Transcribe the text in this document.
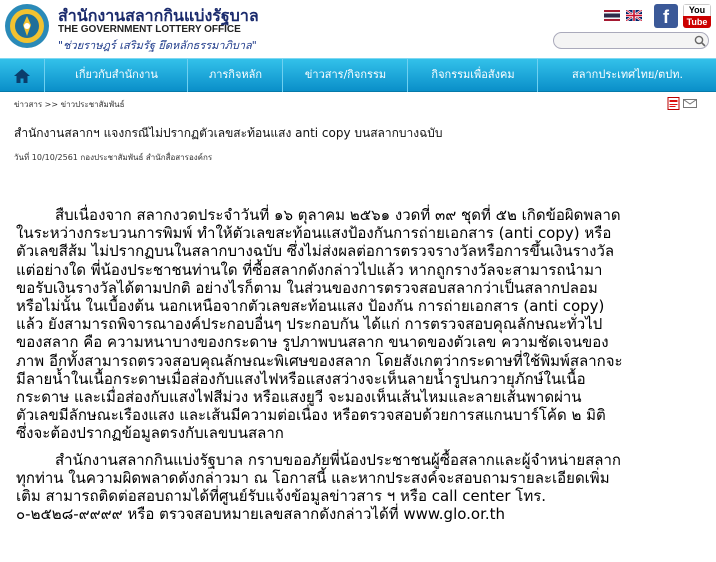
สำนักงานสลากกินแบ่งรัฐบาล
THE GOVERNMENT LOTTERY OFFICE
"ช่วยราษฎร์ เสริมรัฐ ยึดหลักธรรมาภิบาล"
f	You
Tube
เกี่ยวกับสำนักงาน	ภารกิจหลัก	ข่าวสาร/กิจกรรม	กิจกรรมเพื่อสังคม	สลากประเทศไทย/ตปท.
ข่าวสาร >> ข่าวประชาสัมพันธ์
สำนักงานสลากฯ แจงกรณีไม่ปรากฏตัวเลขสะท้อนแสง anti copy บนสลากบางฉบับ
วันที่ 10/10/2561 กองประชาสัมพันธ์ สำนักสื่อสารองค์กร

สืบเนื่องจาก สลากงวดประจำวันที่ ๑๖ ตุลาคม ๒๕๖๑ งวดที่ ๓๙ ชุดที่ ๕๒ เกิดข้อผิดพลาดในระหว่างกระบวนการพิมพ์ ทำให้ตัวเลขสะท้อนแสงป้องกันการถ่ายเอกสาร (anti copy) หรือตัวเลขสีส้ม ไม่ปรากฏบนในสลากบางฉบับ ซึ่งไม่ส่งผลต่อการตรวจรางวัลหรือการขึ้นเงินรางวัลแต่อย่างใด พี่น้องประชาชนท่านใด ที่ซื้อสลากดังกล่าวไปแล้ว หากถูกรางวัลจะสามารถนำมาขอรับเงินรางวัลได้ตามปกติ อย่างไรก็ตาม ในส่วนของการตรวจสอบสลากว่าเป็นสลากปลอมหรือไม่นั้น ในเบื้องต้น นอกเหนือจากตัวเลขสะท้อนแสง ป้องกัน การถ่ายเอกสาร (anti copy) แล้ว ยังสามารถพิจารณาองค์ประกอบอื่นๆ ประกอบกัน ได้แก่ การตรวจสอบคุณลักษณะทั่วไปของสลาก คือ ความหนาบางของกระดาษ รูปภาพบนสลาก ขนาดของตัวเลข ความชัดเจนของภาพ อีกทั้งสามารถตรวจสอบคุณลักษณะพิเศษของสลาก โดยสังเกตว่ากระดาษที่ใช้พิมพ์สลากจะมีลายน้ำในเนื้อกระดาษเมื่อส่องกับแสงไฟหรือแสงสว่างจะเห็นลายน้ำรูปนกวายุภักษ์ในเนื้อกระดาษ และเมื่อส่องกับแสงไฟสีม่วง หรือแสงยูวี จะมองเห็นเส้นไหมและลายเส้นพาดผ่านตัวเลขมีลักษณะเรืองแสง และเส้นมีความต่อเนื่อง หรือตรวจสอบด้วยการสแกนบาร์โค้ด ๒ มิติ ซึ่งจะต้องปรากฏข้อมูลตรงกับเลขบนสลาก

สำนักงานสลากกินแบ่งรัฐบาล กราบขออภัยพี่น้องประชาชนผู้ซื้อสลากและผู้จำหน่ายสลากทุกท่าน ในความผิดพลาดดังกล่าวมา ณ โอกาสนี้ และหากประสงค์จะสอบถามรายละเอียดเพิ่มเติม สามารถติดต่อสอบถามได้ที่ศูนย์รับแจ้งข้อมูลข่าวสาร ฯ หรือ call center โทร. ๐-๒๕๒๘-๙๙๙๙ หรือ ตรวจสอบหมายเลขสลากดังกล่าวได้ที่ www.glo.or.th
